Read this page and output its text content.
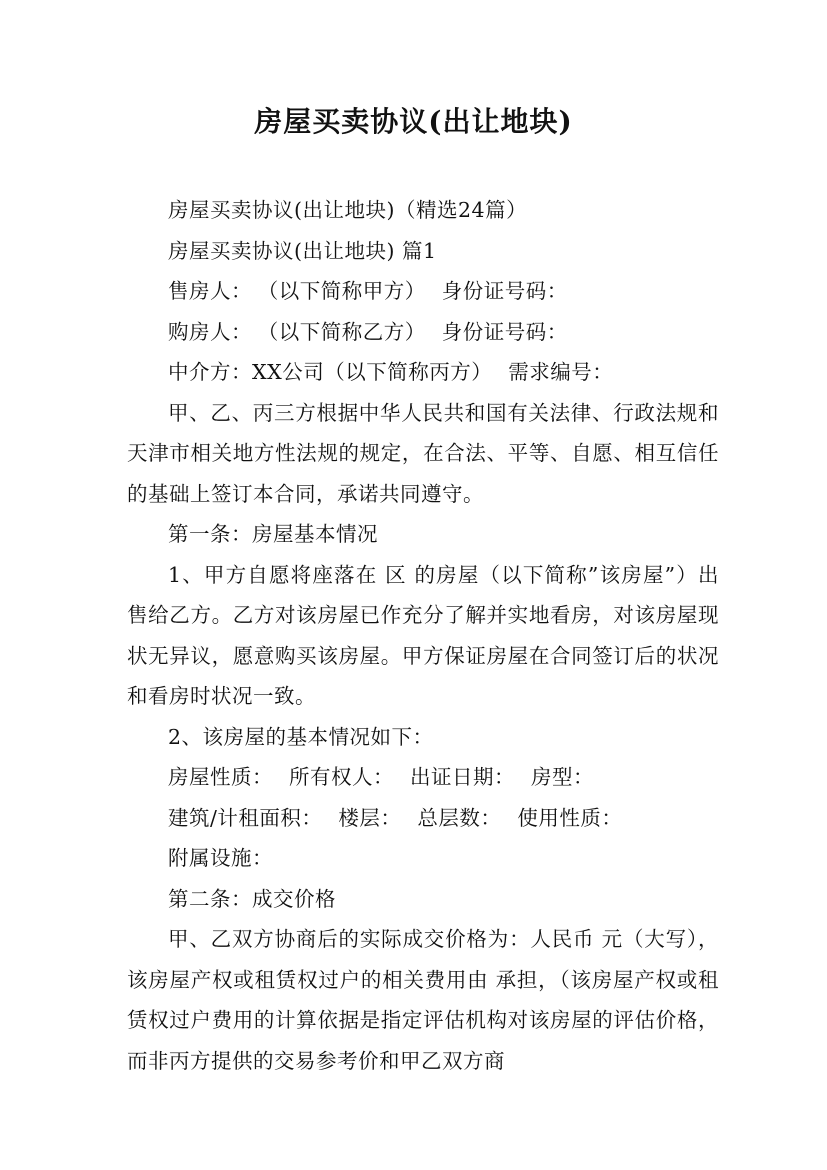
房屋买卖协议(出让地块)

房屋买卖协议(出让地块)（精选24篇）

房屋买卖协议(出让地块) 篇1

售房人： （以下简称甲方） 身份证号码：

购房人： （以下简称乙方） 身份证号码：

中介方：XX公司（以下简称丙方） 需求编号：

甲、乙、丙三方根据中华人民共和国有关法律、行政法规和天津市相关地方性法规的规定，在合法、平等、自愿、相互信任的基础上签订本合同，承诺共同遵守。

第一条：房屋基本情况

1、甲方自愿将座落在 区 的房屋（以下简称”该房屋”）出售给乙方。乙方对该房屋已作充分了解并实地看房，对该房屋现状无异议，愿意购买该房屋。甲方保证房屋在合同签订后的状况和看房时状况一致。

2、该房屋的基本情况如下：

房屋性质： 所有权人： 出证日期： 房型：

建筑/计租面积： 楼层： 总层数： 使用性质：

附属设施：

第二条：成交价格

甲、乙双方协商后的实际成交价格为：人民币 元（大写），该房屋产权或租赁权过户的相关费用由 承担，（该房屋产权或租赁权过户费用的计算依据是指定评估机构对该房屋的评估价格，而非丙方提供的交易参考价和甲乙双方商
